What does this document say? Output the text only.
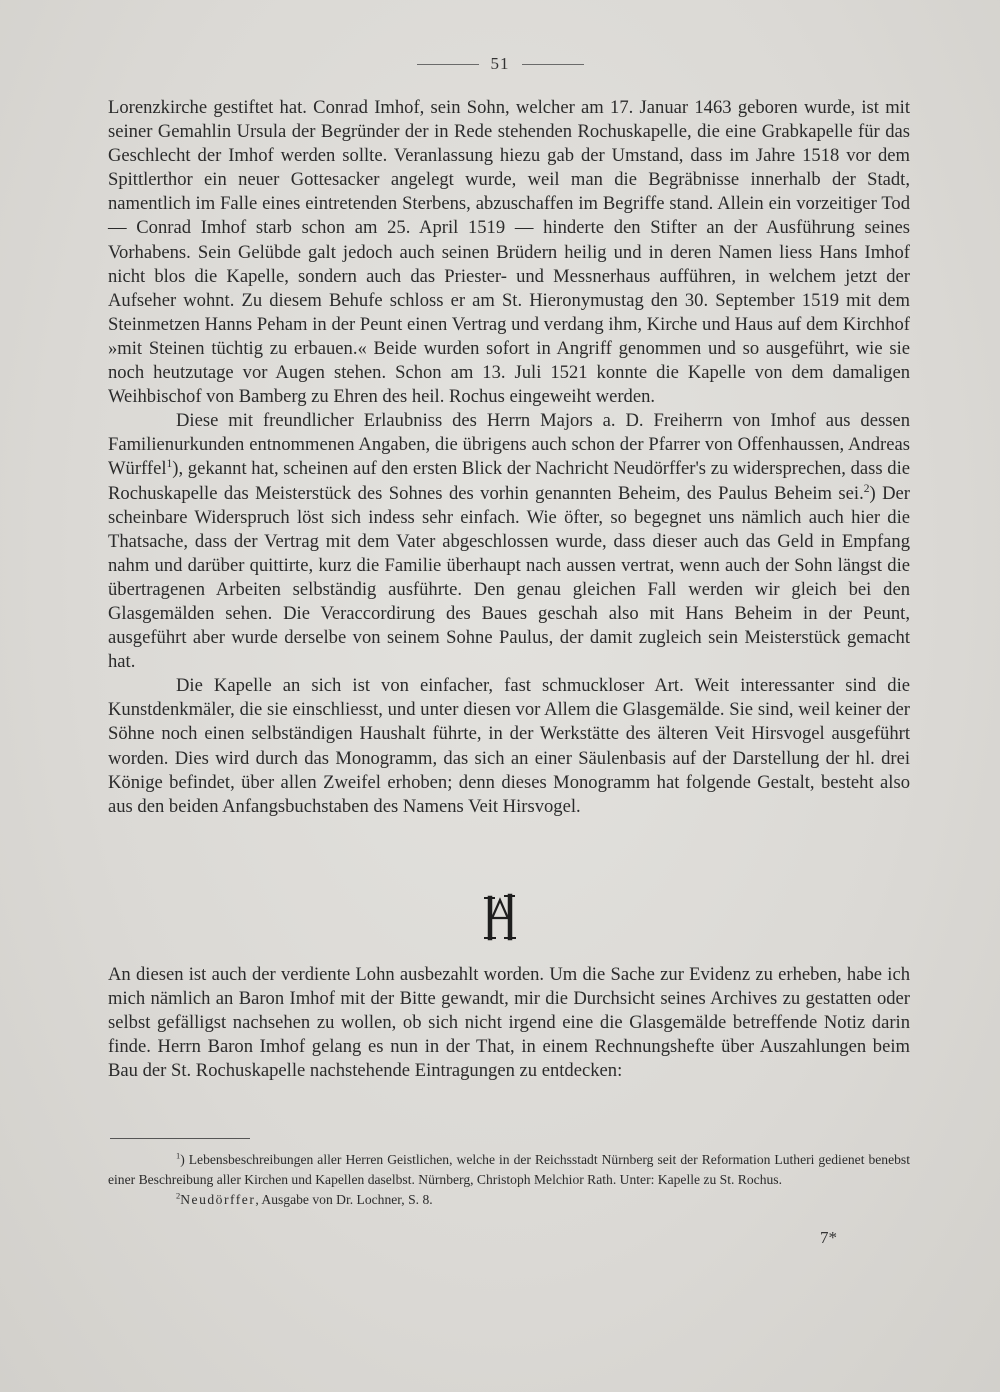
51

Lorenzkirche gestiftet hat. Conrad Imhof, sein Sohn, welcher am 17. Januar 1463 geboren wurde, ist mit seiner Gemahlin Ursula der Begründer der in Rede stehenden Rochuskapelle, die eine Grabkapelle für das Geschlecht der Imhof werden sollte. Veranlassung hiezu gab der Umstand, dass im Jahre 1518 vor dem Spittlerthor ein neuer Gottesacker angelegt wurde, weil man die Begräbnisse innerhalb der Stadt, namentlich im Falle eines eintretenden Sterbens, abzuschaffen im Begriffe stand. Allein ein vorzeitiger Tod — Conrad Imhof starb schon am 25. April 1519 — hinderte den Stifter an der Ausführung seines Vorhabens. Sein Gelübde galt jedoch auch seinen Brüdern heilig und in deren Namen liess Hans Imhof nicht blos die Kapelle, sondern auch das Priester- und Messnerhaus aufführen, in welchem jetzt der Aufseher wohnt. Zu diesem Behufe schloss er am St. Hieronymustag den 30. September 1519 mit dem Steinmetzen Hanns Peham in der Peunt einen Vertrag und verdang ihm, Kirche und Haus auf dem Kirchhof »mit Steinen tüchtig zu erbauen.« Beide wurden sofort in Angriff genommen und so ausgeführt, wie sie noch heutzutage vor Augen stehen. Schon am 13. Juli 1521 konnte die Kapelle von dem damaligen Weihbischof von Bamberg zu Ehren des heil. Rochus eingeweiht werden.

Diese mit freundlicher Erlaubniss des Herrn Majors a. D. Freiherrn von Imhof aus dessen Familienurkunden entnommenen Angaben, die übrigens auch schon der Pfarrer von Offenhaussen, Andreas Würffel$^1$), gekannt hat, scheinen auf den ersten Blick der Nachricht Neudörffer's zu widersprechen, dass die Rochuskapelle das Meisterstück des Sohnes des vorhin genannten Beheim, des Paulus Beheim sei.$^2$) Der scheinbare Widerspruch löst sich indess sehr einfach. Wie öfter, so begegnet uns nämlich auch hier die Thatsache, dass der Vertrag mit dem Vater abgeschlossen wurde, dass dieser auch das Geld in Empfang nahm und darüber quittirte, kurz die Familie überhaupt nach aussen vertrat, wenn auch der Sohn längst die übertragenen Arbeiten selbständig ausführte. Den genau gleichen Fall werden wir gleich bei den Glasgemälden sehen. Die Veraccordirung des Baues geschah also mit Hans Beheim in der Peunt, ausgeführt aber wurde derselbe von seinem Sohne Paulus, der damit zugleich sein Meisterstück gemacht hat.

Die Kapelle an sich ist von einfacher, fast schmuckloser Art. Weit interessanter sind die Kunstdenkmäler, die sie einschliesst, und unter diesen vor Allem die Glasgemälde. Sie sind, weil keiner der Söhne noch einen selbständigen Haushalt führte, in der Werkstätte des älteren Veit Hirsvogel ausgeführt worden. Dies wird durch das Monogramm, das sich an einer Säulenbasis auf der Darstellung der hl. drei Könige befindet, über allen Zweifel erhoben; denn dieses Monogramm hat folgende Gestalt, besteht also aus den beiden Anfangsbuchstaben des Namens Veit Hirsvogel.

An diesen ist auch der verdiente Lohn ausbezahlt worden. Um die Sache zur Evidenz zu erheben, habe ich mich nämlich an Baron Imhof mit der Bitte gewandt, mir die Durchsicht seines Archives zu gestatten oder selbst gefälligst nachsehen zu wollen, ob sich nicht irgend eine die Glasgemälde betreffende Notiz darin finde. Herrn Baron Imhof gelang es nun in der That, in einem Rechnungshefte über Auszahlungen beim Bau der St. Rochuskapelle nachstehende Eintragungen zu entdecken:

$^1$) Lebensbeschreibungen aller Herren Geistlichen, welche in der Reichsstadt Nürnberg seit der Reformation Lutheri gedienet benebst einer Beschreibung aller Kirchen und Kapellen daselbst. Nürnberg, Christoph Melchior Rath. Unter: Kapelle zu St. Rochus.

$^2$Neudörffer, Ausgabe von Dr. Lochner, S. 8.

7*
